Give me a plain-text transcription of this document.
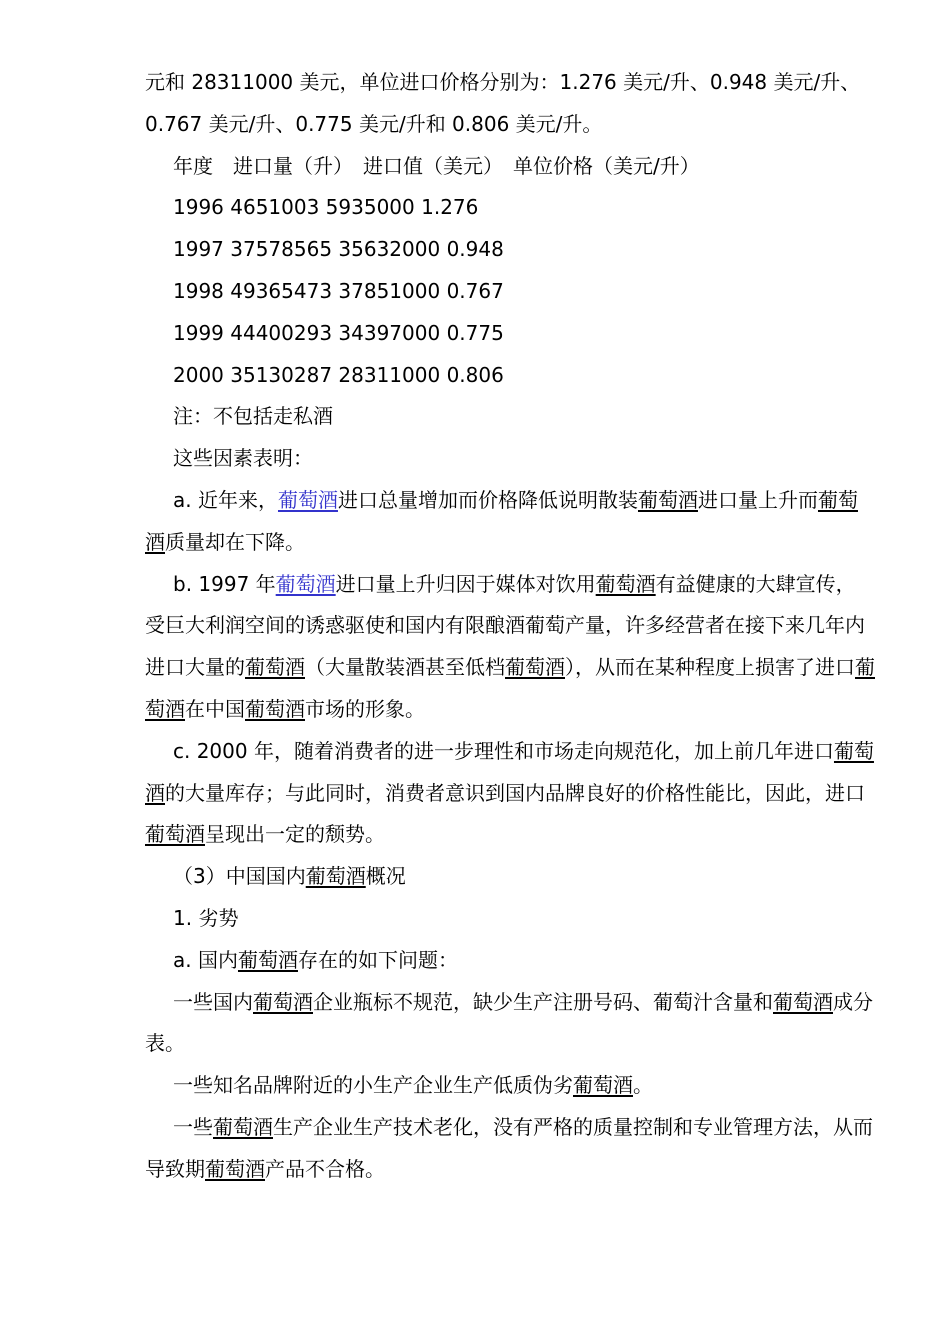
元和 28311000 美元，单位进口价格分别为：1.276 美元/升、0.948 美元/升、0.767 美元/升、0.775 美元/升和 0.806 美元/升。

年度　进口量（升）　进口值（美元）　单位价格（美元/升）

1996 4651003 5935000 1.276

1997 37578565 35632000 0.948

1998 49365473 37851000 0.767

1999 44400293 34397000 0.775

2000 35130287 28311000 0.806

注：不包括走私酒

这些因素表明：

a. 近年来，葡萄酒进口总量增加而价格降低说明散装葡萄酒进口量上升而葡萄酒质量却在下降。

b. 1997 年葡萄酒进口量上升归因于媒体对饮用葡萄酒有益健康的大肆宣传，受巨大利润空间的诱惑驱使和国内有限酿酒葡萄产量，许多经营者在接下来几年内进口大量的葡萄酒（大量散装酒甚至低档葡萄酒），从而在某种程度上损害了进口葡萄酒在中国葡萄酒市场的形象。

c. 2000 年，随着消费者的进一步理性和市场走向规范化，加上前几年进口葡萄酒的大量库存；与此同时，消费者意识到国内品牌良好的价格性能比，因此，进口葡萄酒呈现出一定的颓势。

（3）中国国内葡萄酒概况

1. 劣势

a. 国内葡萄酒存在的如下问题：

一些国内葡萄酒企业瓶标不规范，缺少生产注册号码、葡萄汁含量和葡萄酒成分表。

一些知名品牌附近的小生产企业生产低质伪劣葡萄酒。

一些葡萄酒生产企业生产技术老化，没有严格的质量控制和专业管理方法，从而导致期葡萄酒产品不合格。
